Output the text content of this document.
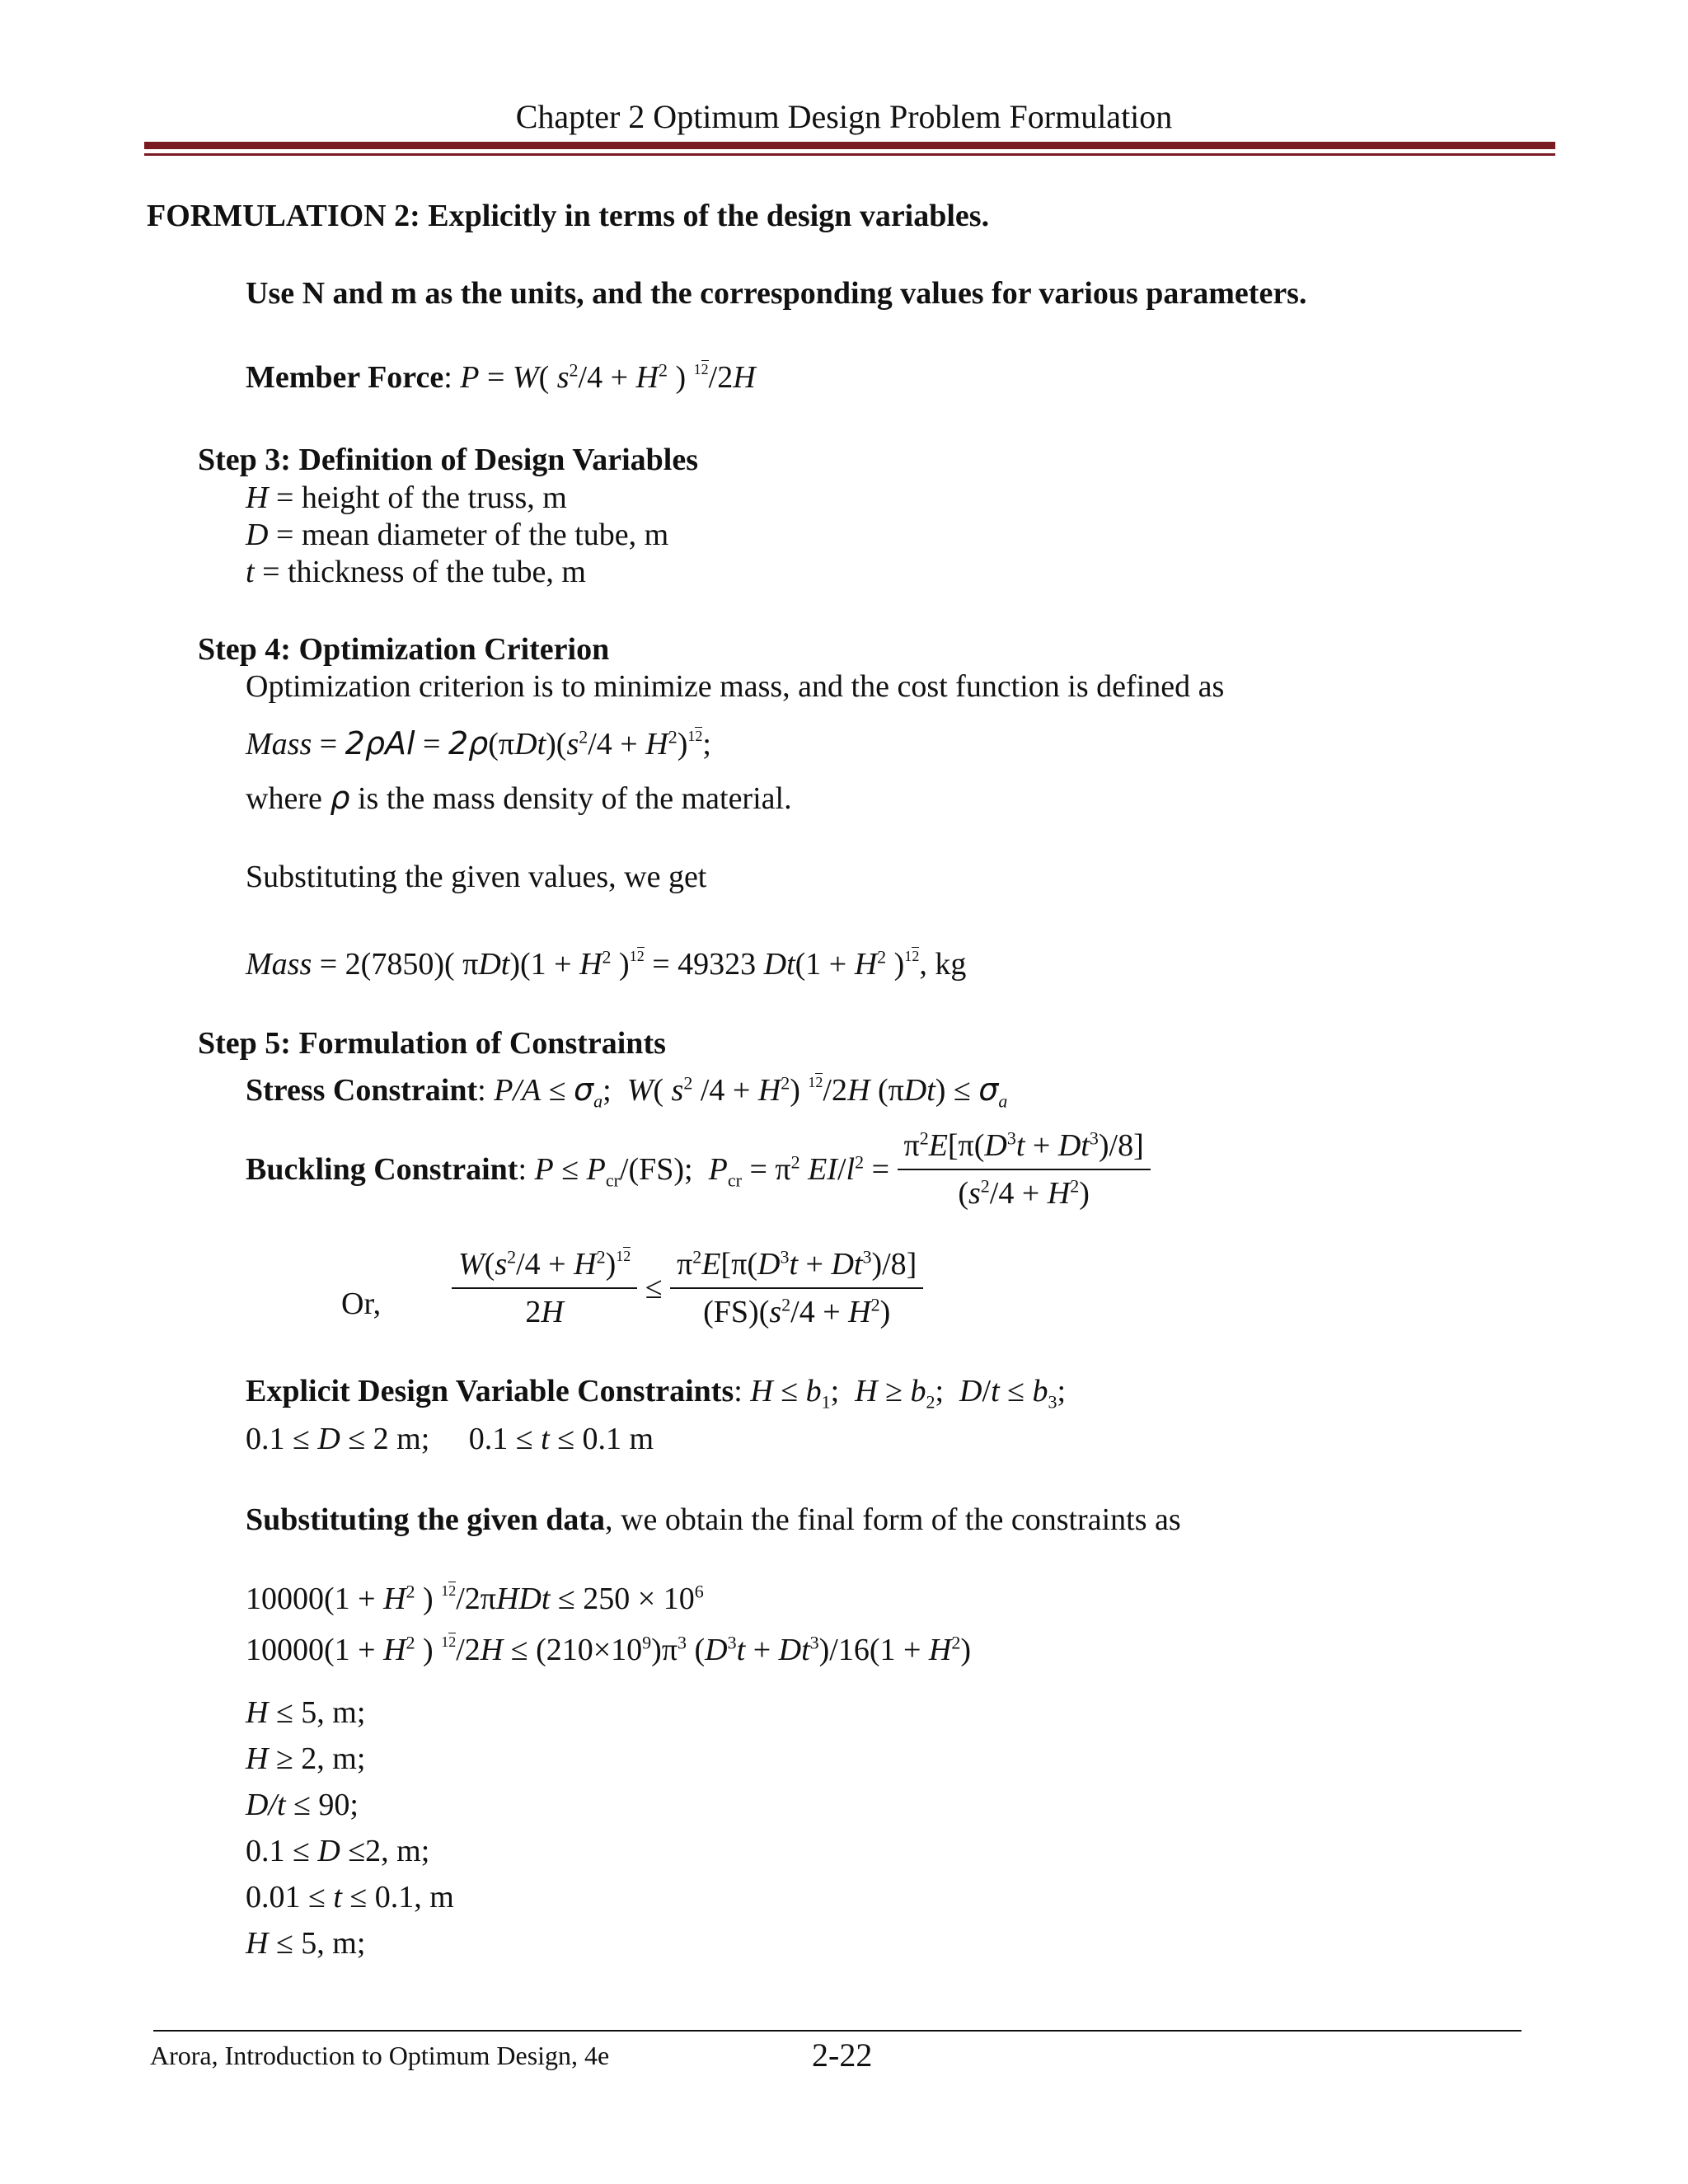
Chapter 2 Optimum Design Problem Formulation
FORMULATION 2: Explicitly in terms of the design variables.
Use N and m as the units, and the corresponding values for various parameters.
Member Force: P = W( $s^2/4 + H^2$ ) 12/2H
Step 3: Definition of Design Variables
H = height of the truss, m
D = mean diameter of the tube, m
t = thickness of the tube, m
Step 4: Optimization Criterion
Optimization criterion is to minimize mass, and the cost function is defined as
Mass = $2\rho Al = 2\rho(\pi Dt)(s^2/4 + H^2)12$;
where ρ is the mass density of the material.
Substituting the given values, we get
Mass = 2(7850)( $\pi Dt)(1 + H^2$ )12 = 49323 $Dt(1 + H^2$ )12, kg
Step 5: Formulation of Constraints
Stress Constraint: $P/A \le \sigma_a$;  W( $s^2$ $/4 + H^2$) 12/2H $(\pi Dt) \le \sigma_a$
Buckling Constraint: $P \le P_{cr}/(FS)$;  $P_{cr} = \pi^2$ $EI/l^2 = \frac{\pi^2E[\pi(D^3t + Dt^3)/8]}{(s^2/4 + H^2)}$
Or, $\frac{W(s^2/4 + H^2)12}{2H} \le \frac{\pi^2E[\pi(D^3t + Dt^3)/8]}{(FS)(s^2/4 + H^2)}$
Explicit Design Variable Constraints: $H \le b_1$;  $H \ge b_2$;  $D/t \le b_3$;
0.1 ≤ D ≤ 2 m;     0.1 ≤ t ≤ 0.1 m
Substituting the given data, we obtain the final form of the constraints as
$10000(1 + H^2$ ) $12/2\pi HDt \le 250 \times 10^6$
$10000(1 + H^2$ ) $12/2H \le (210\times 10^9)\pi^3$ $(D^3t + Dt^3)/16(1 + H^2)$
H ≤ 5, m;
H ≥ 2, m;
D/t ≤ 90;
0.1 ≤ D ≤2, m;
0.01 ≤ t ≤ 0.1, m
H ≤ 5, m;
Arora, Introduction to Optimum Design, 4e	2-22
